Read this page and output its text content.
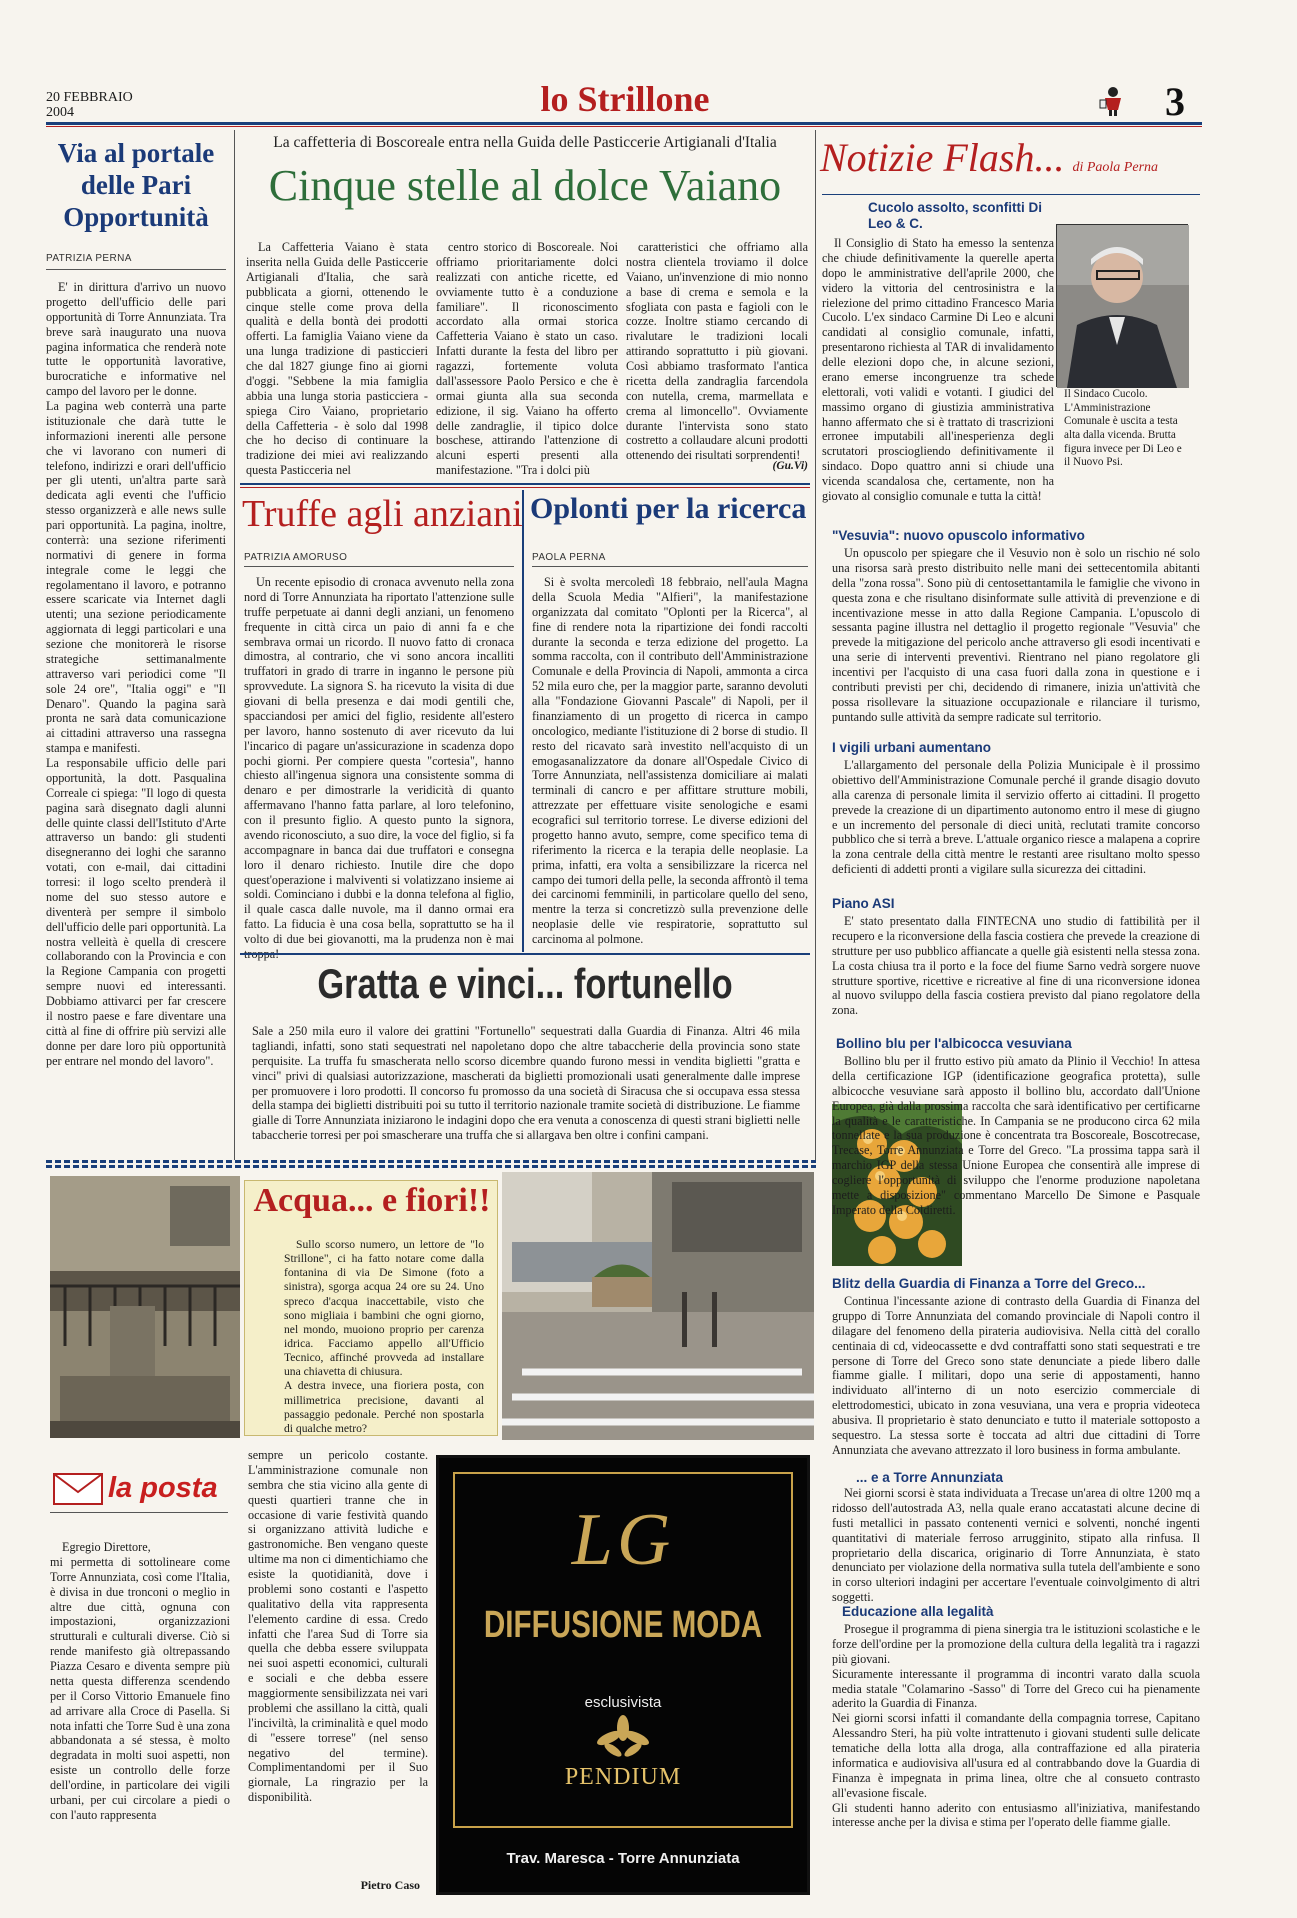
20 FEBBRAIO
2004	lo Strillone	3
Via al portale delle Pari Opportunità
PATRIZIA PERNA

E' in dirittura d'arrivo un nuovo progetto dell'ufficio delle pari opportunità di Torre Annunziata. Tra breve sarà inaugurato una nuova pagina informatica che renderà note tutte le opportunità lavorative, burocratiche e informative nel campo del lavoro per le donne.
La pagina web conterrà una parte istituzionale che darà tutte le informazioni inerenti alle persone che vi lavorano con numeri di telefono, indirizzi e orari dell'ufficio per gli utenti, un'altra parte sarà dedicata agli eventi che l'ufficio stesso organizzerà e alle news sulle pari opportunità. La pagina, inoltre, conterrà: una sezione riferimenti normativi di genere in forma integrale come le leggi che regolamentano il lavoro, e potranno essere scaricate via Internet dagli utenti; una sezione periodicamente aggiornata di leggi particolari e una sezione che monitorerà le risorse strategiche settimanalmente attraverso vari periodici come "Il sole 24 ore", "Italia oggi" e "Il Denaro". Quando la pagina sarà pronta ne sarà data comunicazione ai cittadini attraverso una rassegna stampa e manifesti.
La responsabile ufficio delle pari opportunità, la dott. Pasqualina Correale ci spiega: "Il logo di questa pagina sarà disegnato dagli alunni delle quinte classi dell'Istituto d'Arte attraverso un bando: gli studenti disegneranno dei loghi che saranno votati, con e-mail, dai cittadini torresi: il logo scelto prenderà il nome del suo stesso autore e diventerà per sempre il simbolo dell'ufficio delle pari opportunità. La nostra velleità è quella di crescere collaborando con la Provincia e con la Regione Campania con progetti sempre nuovi ed interessanti. Dobbiamo attivarci per far crescere il nostro paese e fare diventare una città al fine di offrire più servizi alle donne per dare loro più opportunità per entrare nel mondo del lavoro".

La caffetteria di Boscoreale entra nella Guida delle Pasticcerie Artigianali d'Italia
Cinque stelle al dolce Vaiano

La Caffetteria Vaiano è stata inserita nella Guida delle Pasticcerie Artigianali d'Italia, che sarà pubblicata a giorni, ottenendo le cinque stelle come prova della qualità e della bontà dei prodotti offerti. La famiglia Vaiano viene da una lunga tradizione di pasticcieri che dal 1827 giunge fino ai giorni d'oggi. "Sebbene la mia famiglia abbia una lunga storia pasticciera - spiega Ciro Vaiano, proprietario della Caffetteria - è solo dal 1998 che ho deciso di continuare la tradizione dei miei avi realizzando questa Pasticceria nel

centro storico di Boscoreale. Noi offriamo prioritariamente dolci realizzati con antiche ricette, ed ovviamente tutto è a conduzione familiare". Il riconoscimento accordato alla ormai storica Caffetteria Vaiano è stato un caso. Infatti durante la festa del libro per ragazzi, fortemente voluta dall'assessore Paolo Persico e che è ormai giunta alla sua seconda edizione, il sig. Vaiano ha offerto delle zandraglie, il tipico dolce boschese, attirando l'attenzione di alcuni esperti presenti alla manifestazione. "Tra i dolci più

caratteristici che offriamo alla nostra clientela troviamo il dolce Vaiano, un'invenzione di mio nonno a base di crema e semola e la sfogliata con pasta e fagioli con le cozze. Inoltre stiamo cercando di rivalutare le tradizioni locali attirando soprattutto i più giovani. Così abbiamo trasformato l'antica ricetta della zandraglia farcendola con nutella, crema, marmellata e crema al limoncello". Ovviamente durante l'intervista sono stato costretto a collaudare alcuni prodotti ottenendo dei risultati sorprendenti!

(Gu.Vi)
Truffe agli anziani
PATRIZIA AMORUSO

Un recente episodio di cronaca avvenuto nella zona nord di Torre Annunziata ha riportato l'attenzione sulle truffe perpetuate ai danni degli anziani, un fenomeno frequente in città circa un paio di anni fa e che sembrava ormai un ricordo. Il nuovo fatto di cronaca dimostra, al contrario, che vi sono ancora incalliti truffatori in grado di trarre in inganno le persone più sprovvedute. La signora S. ha ricevuto la visita di due giovani di bella presenza e dai modi gentili che, spacciandosi per amici del figlio, residente all'estero per lavoro, hanno sostenuto di aver ricevuto da lui l'incarico di pagare un'assicurazione in scadenza dopo pochi giorni. Per compiere questa "cortesia", hanno chiesto all'ingenua signora una consistente somma di denaro e per dimostrarle la veridicità di quanto affermavano l'hanno fatta parlare, al loro telefonino, con il presunto figlio. A questo punto la signora, avendo riconosciuto, a suo dire, la voce del figlio, si fa accompagnare in banca dai due truffatori e consegna loro il denaro richiesto. Inutile dire che dopo quest'operazione i malviventi si volatizzano insieme ai soldi. Cominciano i dubbi e la donna telefona al figlio, il quale casca dalle nuvole, ma il danno ormai era fatto. La fiducia è una cosa bella, soprattutto se ha il volto di due bei giovanotti, ma la prudenza non è mai troppa!

Oplonti per la ricerca
PAOLA PERNA

Si è svolta mercoledì 18 febbraio, nell'aula Magna della Scuola Media "Alfieri", la manifestazione organizzata dal comitato "Oplonti per la Ricerca", al fine di rendere nota la ripartizione dei fondi raccolti durante la seconda e terza edizione del progetto. La somma raccolta, con il contributo dell'Amministrazione Comunale e della Provincia di Napoli, ammonta a circa 52 mila euro che, per la maggior parte, saranno devoluti alla "Fondazione Giovanni Pascale" di Napoli, per il finanziamento di un progetto di ricerca in campo oncologico, mediante l'istituzione di 2 borse di studio. Il resto del ricavato sarà investito nell'acquisto di un emogasanalizzatore da donare all'Ospedale Civico di Torre Annunziata, nell'assistenza domiciliare ai malati terminali di cancro e per affittare strutture mobili, attrezzate per effettuare visite senologiche e esami ecografici sul territorio torrese. Le diverse edizioni del progetto hanno avuto, sempre, come specifico tema di riferimento la ricerca e la terapia delle neoplasie. La prima, infatti, era volta a sensibilizzare la ricerca nel campo dei tumori della pelle, la seconda affrontò il tema dei carcinomi femminili, in particolare quello del seno, mentre la terza si concretizzò sulla prevenzione delle neoplasie delle vie respiratorie, soprattutto sul carcinoma al polmone.

Gratta e vinci... fortunello

Sale a 250 mila euro il valore dei grattini "Fortunello" sequestrati dalla Guardia di Finanza. Altri 46 mila tagliandi, infatti, sono stati sequestrati nel napoletano dopo che altre tabaccherie della provincia sono state perquisite. La truffa fu smascherata nello scorso dicembre quando furono messi in vendita biglietti "gratta e vinci" privi di qualsiasi autorizzazione, mascherati da biglietti promozionali usati generalmente dalle imprese per promuovere i loro prodotti. Il concorso fu promosso da una società di Siracusa che si occupava essa stessa della stampa dei biglietti distribuiti poi su tutto il territorio nazionale tramite società di distribuzione. Le fiamme gialle di Torre Annunziata iniziarono le indagini dopo che era venuta a conoscenza di questi strani biglietti nelle tabaccherie torresi per poi smascherare una truffa che si allargava ben oltre i confini campani.

Acqua... e fiori!!

Sullo scorso numero, un lettore de "lo Strillone", ci ha fatto notare come dalla fontanina di via De Simone (foto a sinistra), sgorga acqua 24 ore su 24. Uno spreco d'acqua inaccettabile, visto che sono migliaia i bambini che ogni giorno, nel mondo, muoiono proprio per carenza idrica. Facciamo appello all'Ufficio Tecnico, affinché provveda ad installare una chiavetta di chiusura.
A destra invece, una fioriera posta, con millimetrica precisione, davanti al passaggio pedonale. Perché non spostarla di qualche metro?

la posta

Egregio Direttore,
mi permetta di sottolineare come Torre Annunziata, così come l'Italia, è divisa in due tronconi o meglio in altre due città, ognuna con impostazioni, organizzazioni strutturali e culturali diverse. Ciò si rende manifesto già oltrepassando Piazza Cesaro e diventa sempre più netta questa differenza scendendo per il Corso Vittorio Emanuele fino ad arrivare alla Croce di Pasella. Si nota infatti che Torre Sud è una zona abbandonata a sé stessa, è molto degradata in molti suoi aspetti, non esiste un controllo delle forze dell'ordine, in particolare dei vigili urbani, per cui circolare a piedi o con l'auto rappresenta

sempre un pericolo costante. L'amministrazione comunale non sembra che stia vicino alla gente di questi quartieri tranne che in occasione di varie festività quando si organizzano attività ludiche e gastronomiche. Ben vengano queste ultime ma non ci dimentichiamo che esiste la quotidianità, dove i problemi sono costanti e l'aspetto qualitativo della vita rappresenta l'elemento cardine di essa. Credo infatti che l'area Sud di Torre sia quella che debba essere sviluppata nei suoi aspetti economici, culturali e sociali e che debba essere maggiormente sensibilizzata nei vari problemi che assillano la città, quali l'inciviltà, la criminalità e quel modo di "essere torrese" (nel senso negativo del termine). Complimentandomi per il Suo giornale, La ringrazio per la disponibilità.

Pietro Caso
LG
DIFFUSIONE MODA
esclusivista
PENDIUM
Trav. Maresca - Torre Annunziata
Notizie Flash... di Paola Perna
Cucolo assolto, sconfitti Di Leo & C.

Il Consiglio di Stato ha emesso la sentenza che chiude definitivamente la querelle aperta dopo le amministrative dell'aprile 2000, che videro la vittoria del centrosinistra e la rielezione del primo cittadino Francesco Maria Cucolo. L'ex sindaco Carmine Di Leo e alcuni candidati al consiglio comunale, infatti, presentarono richiesta al TAR di invalidamento delle elezioni dopo che, in alcune sezioni, erano emerse incongruenze tra schede elettorali, voti validi e votanti. I giudici del massimo organo di giustizia amministrativa hanno affermato che si è trattato di trascrizioni erronee imputabili all'inesperienza degli scrutatori prosciogliendo definitivamente il sindaco. Dopo quattro anni si chiude una vicenda scandalosa che, certamente, non ha giovato al consiglio comunale e tutta la città!

Il Sindaco Cucolo. L'Amministrazione Comunale è uscita a testa alta dalla vicenda. Brutta figura invece per Di Leo e il Nuovo Psi.

"Vesuvia": nuovo opuscolo informativo

Un opuscolo per spiegare che il Vesuvio non è solo un rischio né solo una risorsa sarà presto distribuito nelle mani dei settecentomila abitanti della "zona rossa". Sono più di centosettantamila le famiglie che vivono in questa zona e che risultano disinformate sulle attività di prevenzione e di incentivazione messe in atto dalla Regione Campania. L'opuscolo di sessanta pagine illustra nel dettaglio il progetto regionale "Vesuvia" che prevede la mitigazione del pericolo anche attraverso gli esodi incentivati e una serie di interventi preventivi. Rientrano nel piano regolatore gli incentivi per l'acquisto di una casa fuori dalla zona in questione e i contributi previsti per chi, decidendo di rimanere, inizia un'attività che possa risollevare la situazione occupazionale e rilanciare il turismo, puntando sulle attività da sempre radicate sul territorio.

I vigili urbani aumentano

L'allargamento del personale della Polizia Municipale è il prossimo obiettivo dell'Amministrazione Comunale perché il grande disagio dovuto alla carenza di personale limita il servizio offerto ai cittadini. Il progetto prevede la creazione di un dipartimento autonomo entro il mese di giugno e un incremento del personale di dieci unità, reclutati tramite concorso pubblico che si terrà a breve. L'attuale organico riesce a malapena a coprire la zona centrale della città mentre le restanti aree risultano molto spesso deficienti di addetti pronti a vigilare sulla sicurezza dei cittadini.

Piano ASI

E' stato presentato dalla FINTECNA uno studio di fattibilità per il recupero e la riconversione della fascia costiera che prevede la creazione di strutture per uso pubblico affiancate a quelle già esistenti nella stessa zona. La costa chiusa tra il porto e la foce del fiume Sarno vedrà sorgere nuove strutture sportive, ricettive e ricreative al fine di una riconversione idonea al nuovo sviluppo della fascia costiera previsto dal piano regolatore della zona.

Bollino blu per l'albicocca vesuviana

Bollino blu per il frutto estivo più amato da Plinio il Vecchio! In attesa della certificazione IGP (identificazione geografica protetta), sulle albicocche vesuviane sarà apposto il bollino blu, accordato dall'Unione Europea, già dalla prossima raccolta che sarà identificativo per certificarne la qualità e le caratteristiche. In Campania se ne producono circa 62 mila tonnellate e la sua produzione è concentrata tra Boscoreale, Boscotrecase, Trecase, Torre Annunziata e Torre del Greco. "La prossima tappa sarà il marchio IGP della stessa Unione Europea che consentirà alle imprese di cogliere l'opportunità di sviluppo che l'enorme produzione napoletana mette a disposizione" commentano Marcello De Simone e Pasquale Imperato della Coldiretti.

Blitz della Guardia di Finanza a Torre del Greco...

Continua l'incessante azione di contrasto della Guardia di Finanza del gruppo di Torre Annunziata del comando provinciale di Napoli contro il dilagare del fenomeno della pirateria audiovisiva. Nella città del corallo centinaia di cd, videocassette e dvd contraffatti sono stati sequestrati e tre persone di Torre del Greco sono state denunciate a piede libero dalle fiamme gialle. I militari, dopo una serie di appostamenti, hanno individuato all'interno di un noto esercizio commerciale di elettrodomestici, ubicato in zona vesuviana, una vera e propria videoteca abusiva. Il proprietario è stato denunciato e tutto il materiale sottoposto a sequestro. La stessa sorte è toccata ad altri due cittadini di Torre Annunziata che avevano attrezzato il loro business in forma ambulante.

... e a Torre Annunziata

Nei giorni scorsi è stata individuata a Trecase un'area di oltre 1200 mq a ridosso dell'autostrada A3, nella quale erano accatastati alcune decine di fusti metallici in passato contenenti vernici e solventi, nonché ingenti quantitativi di materiale ferroso arrugginito, stipato alla rinfusa. Il proprietario della discarica, originario di Torre Annunziata, è stato denunciato per violazione della normativa sulla tutela dell'ambiente e sono in corso ulteriori indagini per accertare l'eventuale coinvolgimento di altri soggetti.

Educazione alla legalità

Prosegue il programma di piena sinergia tra le istituzioni scolastiche e le forze dell'ordine per la promozione della cultura della legalità tra i ragazzi più giovani.
Sicuramente interessante il programma di incontri varato dalla scuola media statale "Colamarino -Sasso" di Torre del Greco cui ha pienamente aderito la Guardia di Finanza.
Nei giorni scorsi infatti il comandante della compagnia torrese, Capitano Alessandro Steri, ha più volte intrattenuto i giovani studenti sulle delicate tematiche della lotta alla droga, alla contraffazione ed alla pirateria informatica e audiovisiva all'usura ed al contrabbando dove la Guardia di Finanza è impegnata in prima linea, oltre che al consueto contrasto all'evasione fiscale.
Gli studenti hanno aderito con entusiasmo all'iniziativa, manifestando interesse anche per la divisa e stima per l'operato delle fiamme gialle.
